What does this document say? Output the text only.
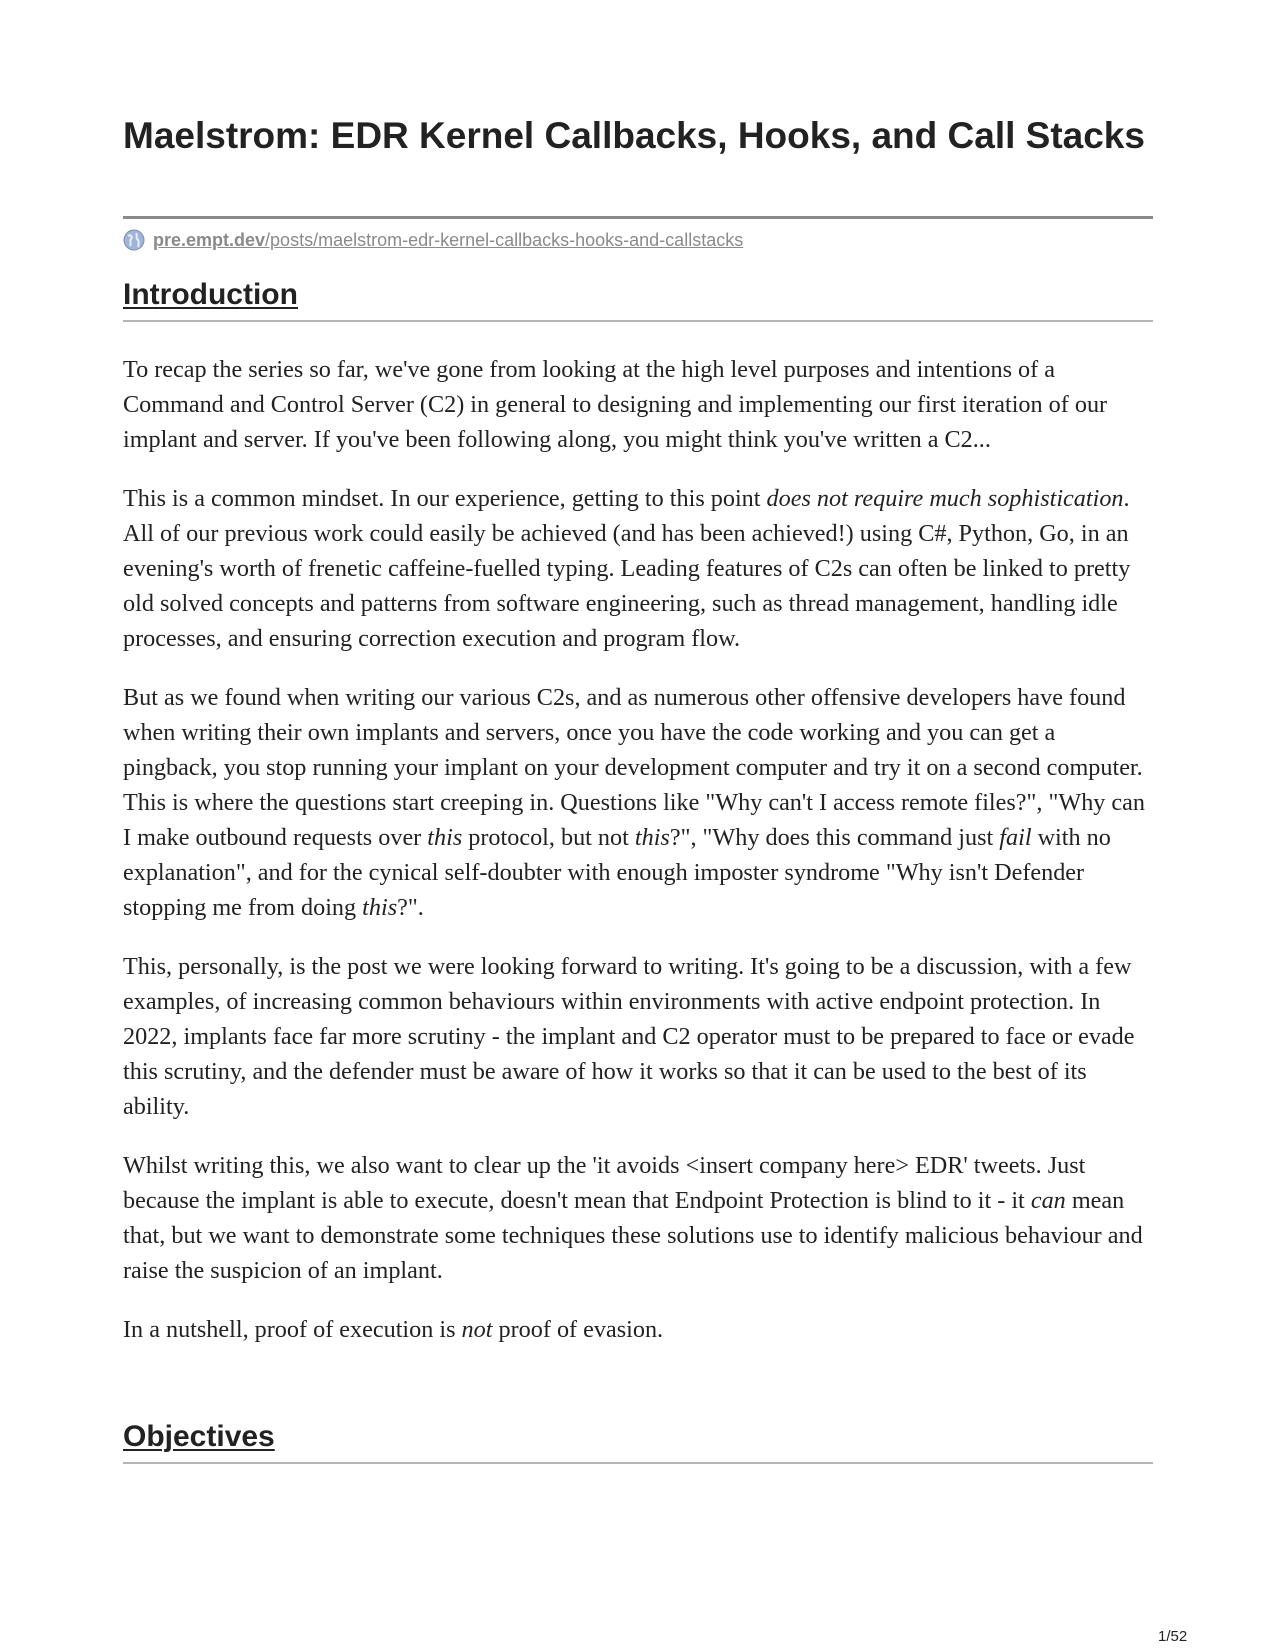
Maelstrom: EDR Kernel Callbacks, Hooks, and Call Stacks
pre.empt.dev/posts/maelstrom-edr-kernel-callbacks-hooks-and-callstacks
Introduction

To recap the series so far, we've gone from looking at the high level purposes and intentions of a Command and Control Server (C2) in general to designing and implementing our first iteration of our implant and server. If you've been following along, you might think you've written a C2...

This is a common mindset. In our experience, getting to this point does not require much sophistication. All of our previous work could easily be achieved (and has been achieved!) using C#, Python, Go, in an evening's worth of frenetic caffeine-fuelled typing. Leading features of C2s can often be linked to pretty old solved concepts and patterns from software engineering, such as thread management, handling idle processes, and ensuring correction execution and program flow.

But as we found when writing our various C2s, and as numerous other offensive developers have found when writing their own implants and servers, once you have the code working and you can get a pingback, you stop running your implant on your development computer and try it on a second computer. This is where the questions start creeping in. Questions like "Why can't I access remote files?", "Why can I make outbound requests over this protocol, but not this?", "Why does this command just fail with no explanation", and for the cynical self-doubter with enough imposter syndrome "Why isn't Defender stopping me from doing this?".

This, personally, is the post we were looking forward to writing. It's going to be a discussion, with a few examples, of increasing common behaviours within environments with active endpoint protection. In 2022, implants face far more scrutiny - the implant and C2 operator must to be prepared to face or evade this scrutiny, and the defender must be aware of how it works so that it can be used to the best of its ability.

Whilst writing this, we also want to clear up the 'it avoids <insert company here> EDR' tweets. Just because the implant is able to execute, doesn't mean that Endpoint Protection is blind to it - it can mean that, but we want to demonstrate some techniques these solutions use to identify malicious behaviour and raise the suspicion of an implant.

In a nutshell, proof of execution is not proof of evasion.

Objectives
1/52
